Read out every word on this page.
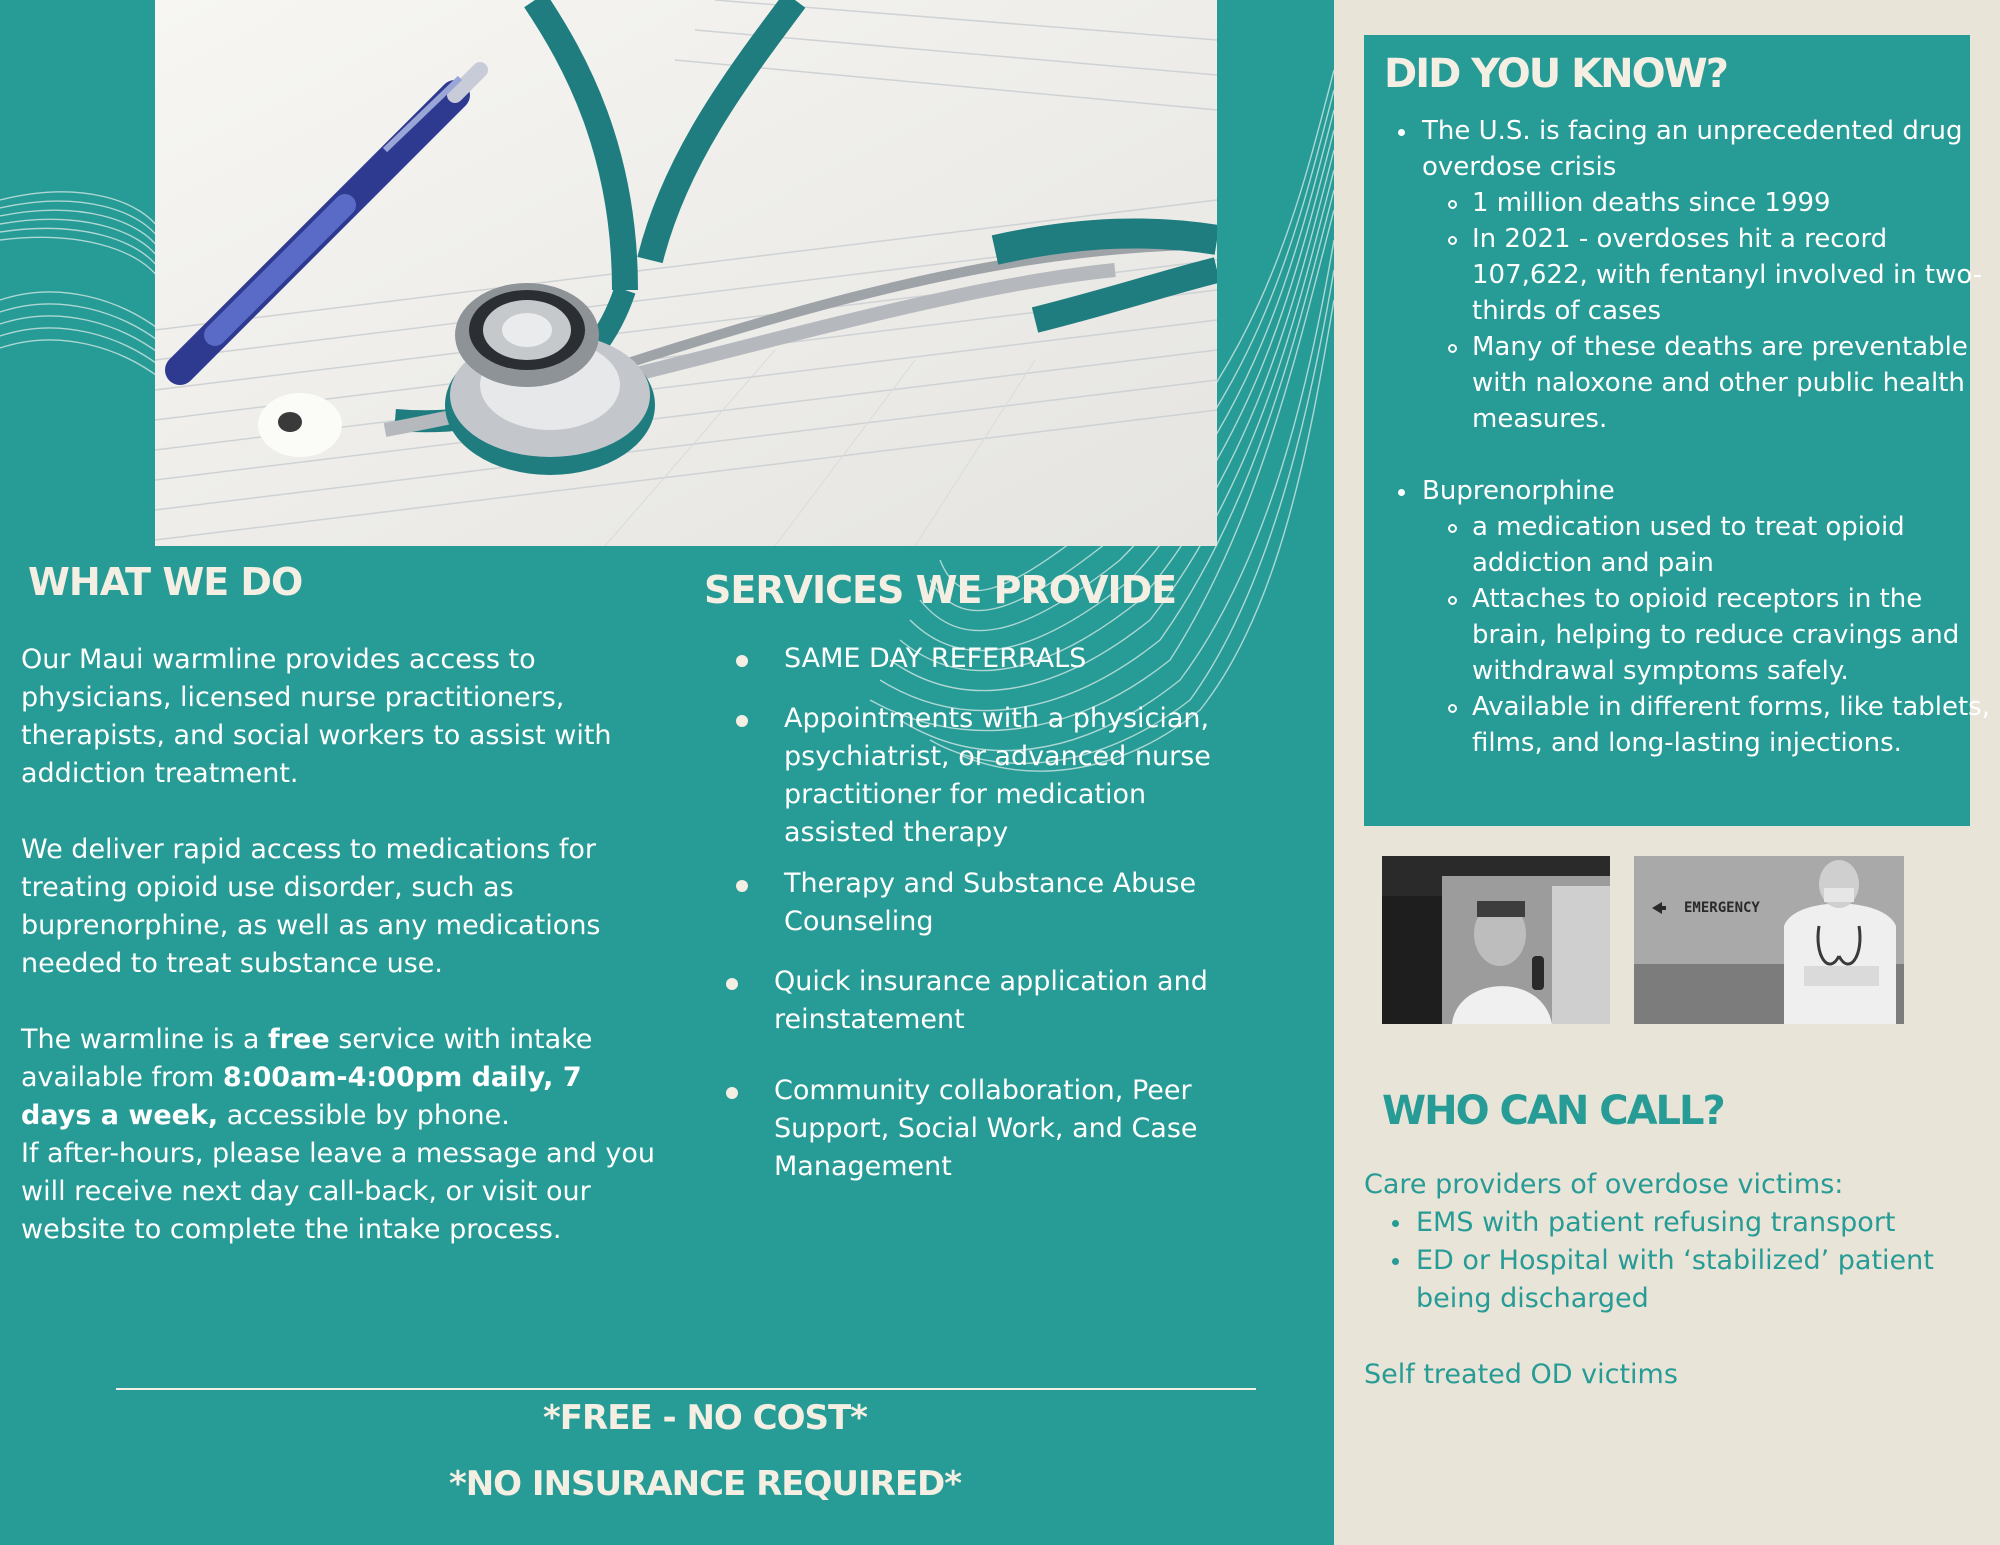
WHAT WE DO

Our Maui warmline provides access to physicians, licensed nurse practitioners, therapists, and social workers to assist with addiction treatment.

We deliver rapid access to medications for treating opioid use disorder, such as buprenorphine, as well as any medications needed to treat substance use.

The warmline is a free service with intake available from 8:00am-4:00pm daily, 7 days a week, accessible by phone.

If after-hours, please leave a message and you will receive next day call-back, or visit our website to complete the intake process.

SERVICES WE PROVIDE
SAME DAY REFERRALS
Appointments with a physician, psychiatrist, or advanced nurse practitioner for medication assisted therapy
Therapy and Substance Abuse Counseling
Quick insurance application and reinstatement
Community collaboration, Peer Support, Social Work, and Case Management

*FREE - NO COST*

*NO INSURANCE REQUIRED*

DID YOU KNOW?
The U.S. is facing an unprecedented drug overdose crisis
1 million deaths since 1999
In 2021 - overdoses hit a record 107,622, with fentanyl involved in two-thirds of cases
Many of these deaths are preventable with naloxone and other public health measures.
Buprenorphine
a medication used to treat opioid addiction and pain
Attaches to opioid receptors in the brain, helping to reduce cravings and withdrawal symptoms safely.
Available in different forms, like tablets, films, and long-lasting injections.
EMERGENCY
WHO CAN CALL?
Care providers of overdose victims:
EMS with patient refusing transport
ED or Hospital with ‘stabilized’ patient being discharged
Self treated OD victims
